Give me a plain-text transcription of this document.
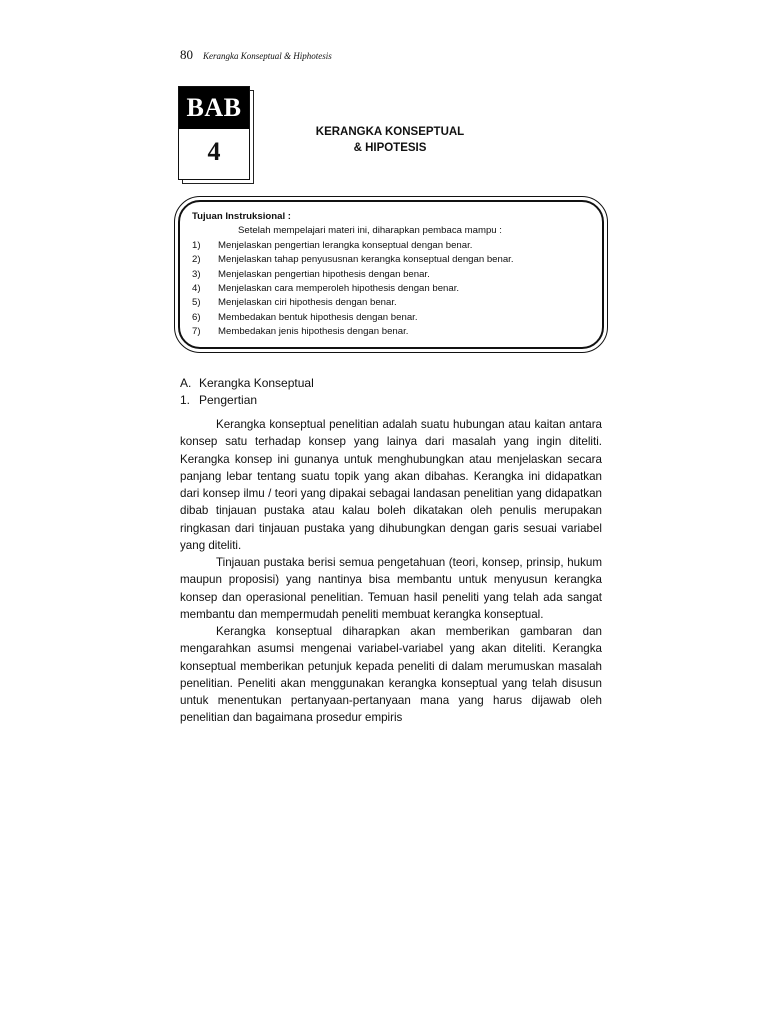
80 Kerangka Konseptual & Hiphotesis
BAB
4
KERANGKA KONSEPTUAL
& HIPOTESIS
Tujuan Instruksional :
Setelah mempelajari materi ini, diharapkan pembaca mampu :
1)	Menjelaskan pengertian lerangka konseptual dengan benar.
2)	Menjelaskan tahap penyususnan kerangka konseptual dengan benar.
3)	Menjelaskan pengertian hipothesis dengan benar.
4)	Menjelaskan cara memperoleh hipothesis dengan benar.
5)	Menjelaskan ciri hipothesis dengan benar.
6)	Membedakan bentuk hipothesis dengan benar.
7)	Membedakan jenis hipothesis dengan benar.
A. Kerangka Konseptual
1. Pengertian

Kerangka konseptual penelitian adalah suatu hubungan atau kaitan antara konsep satu terhadap konsep yang lainya dari masalah yang ingin diteliti. Kerangka konsep ini gunanya untuk menghubungkan atau menjelaskan secara panjang lebar tentang suatu topik yang akan dibahas. Kerangka ini didapatkan dari konsep ilmu / teori yang dipakai sebagai landasan penelitian yang didapatkan dibab tinjauan pustaka atau kalau boleh dikatakan oleh penulis merupakan ringkasan dari tinjauan pustaka yang dihubungkan dengan garis sesuai variabel yang diteliti.

Tinjauan pustaka berisi semua pengetahuan (teori, konsep, prinsip, hukum maupun proposisi) yang nantinya bisa membantu untuk menyusun kerangka konsep dan operasional penelitian. Temuan hasil peneliti yang telah ada sangat membantu dan mempermudah peneliti membuat kerangka konseptual.

Kerangka konseptual diharapkan akan memberikan gambaran dan mengarahkan asumsi mengenai variabel-variabel yang akan diteliti. Kerangka konseptual memberikan petunjuk kepada peneliti di dalam merumuskan masalah penelitian. Peneliti akan menggunakan kerangka konseptual yang telah disusun untuk menentukan pertanyaan-pertanyaan mana yang harus dijawab oleh penelitian dan bagaimana prosedur empiris
